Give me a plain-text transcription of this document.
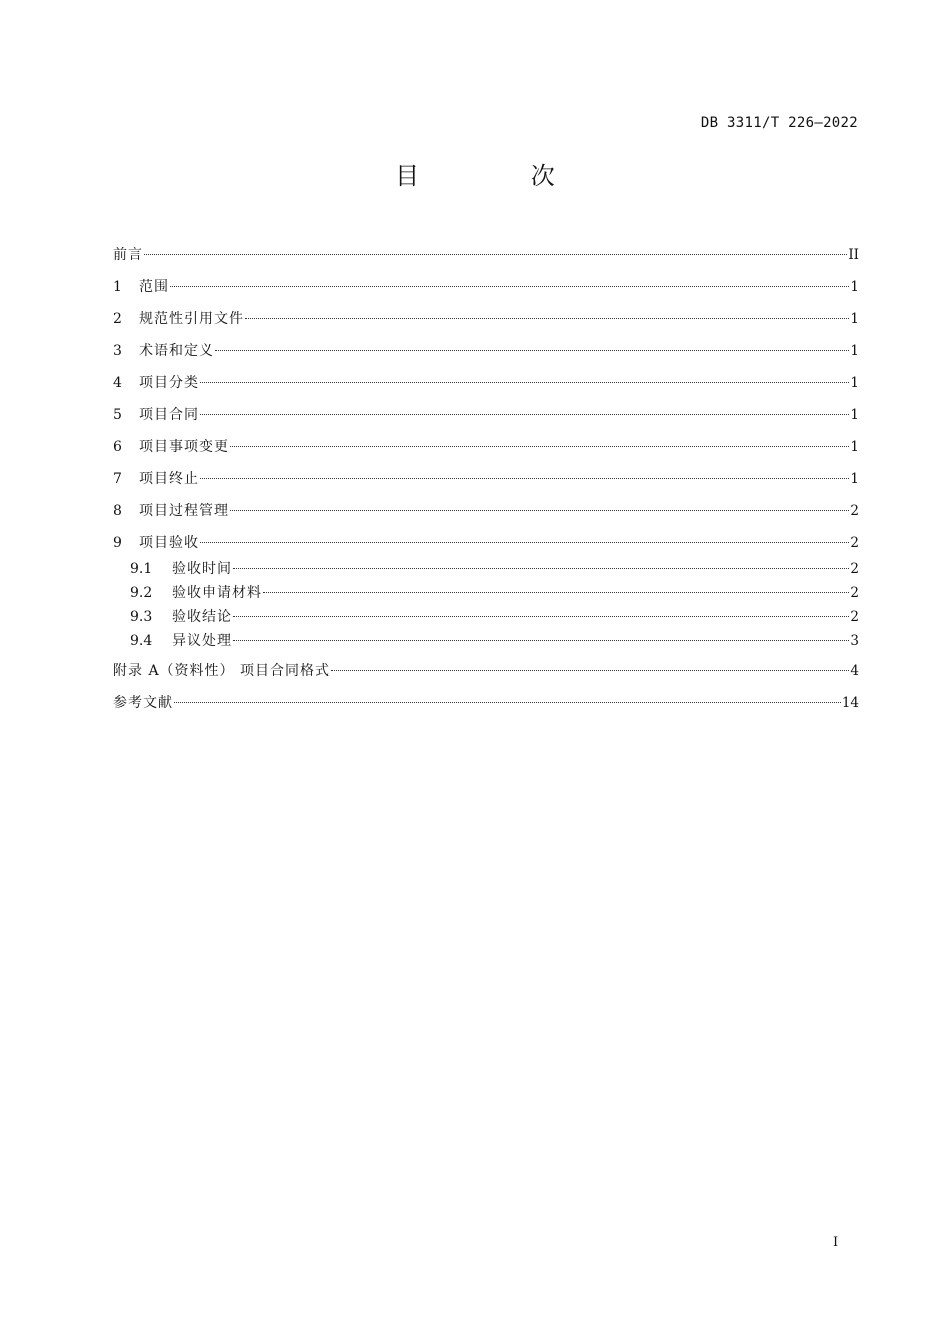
DB 3311/T 226—2022
目 次
前言	II
1	范围	1
2	规范性引用文件	1
3	术语和定义	1
4	项目分类	1
5	项目合同	1
6	项目事项变更	1
7	项目终止	1
8	项目过程管理	2
9	项目验收	2
9.1	验收时间	2
9.2	验收申请材料	2
9.3	验收结论	2
9.4	异议处理	3
附录 A（资料性） 项目合同格式	4
参考文献	14
I
